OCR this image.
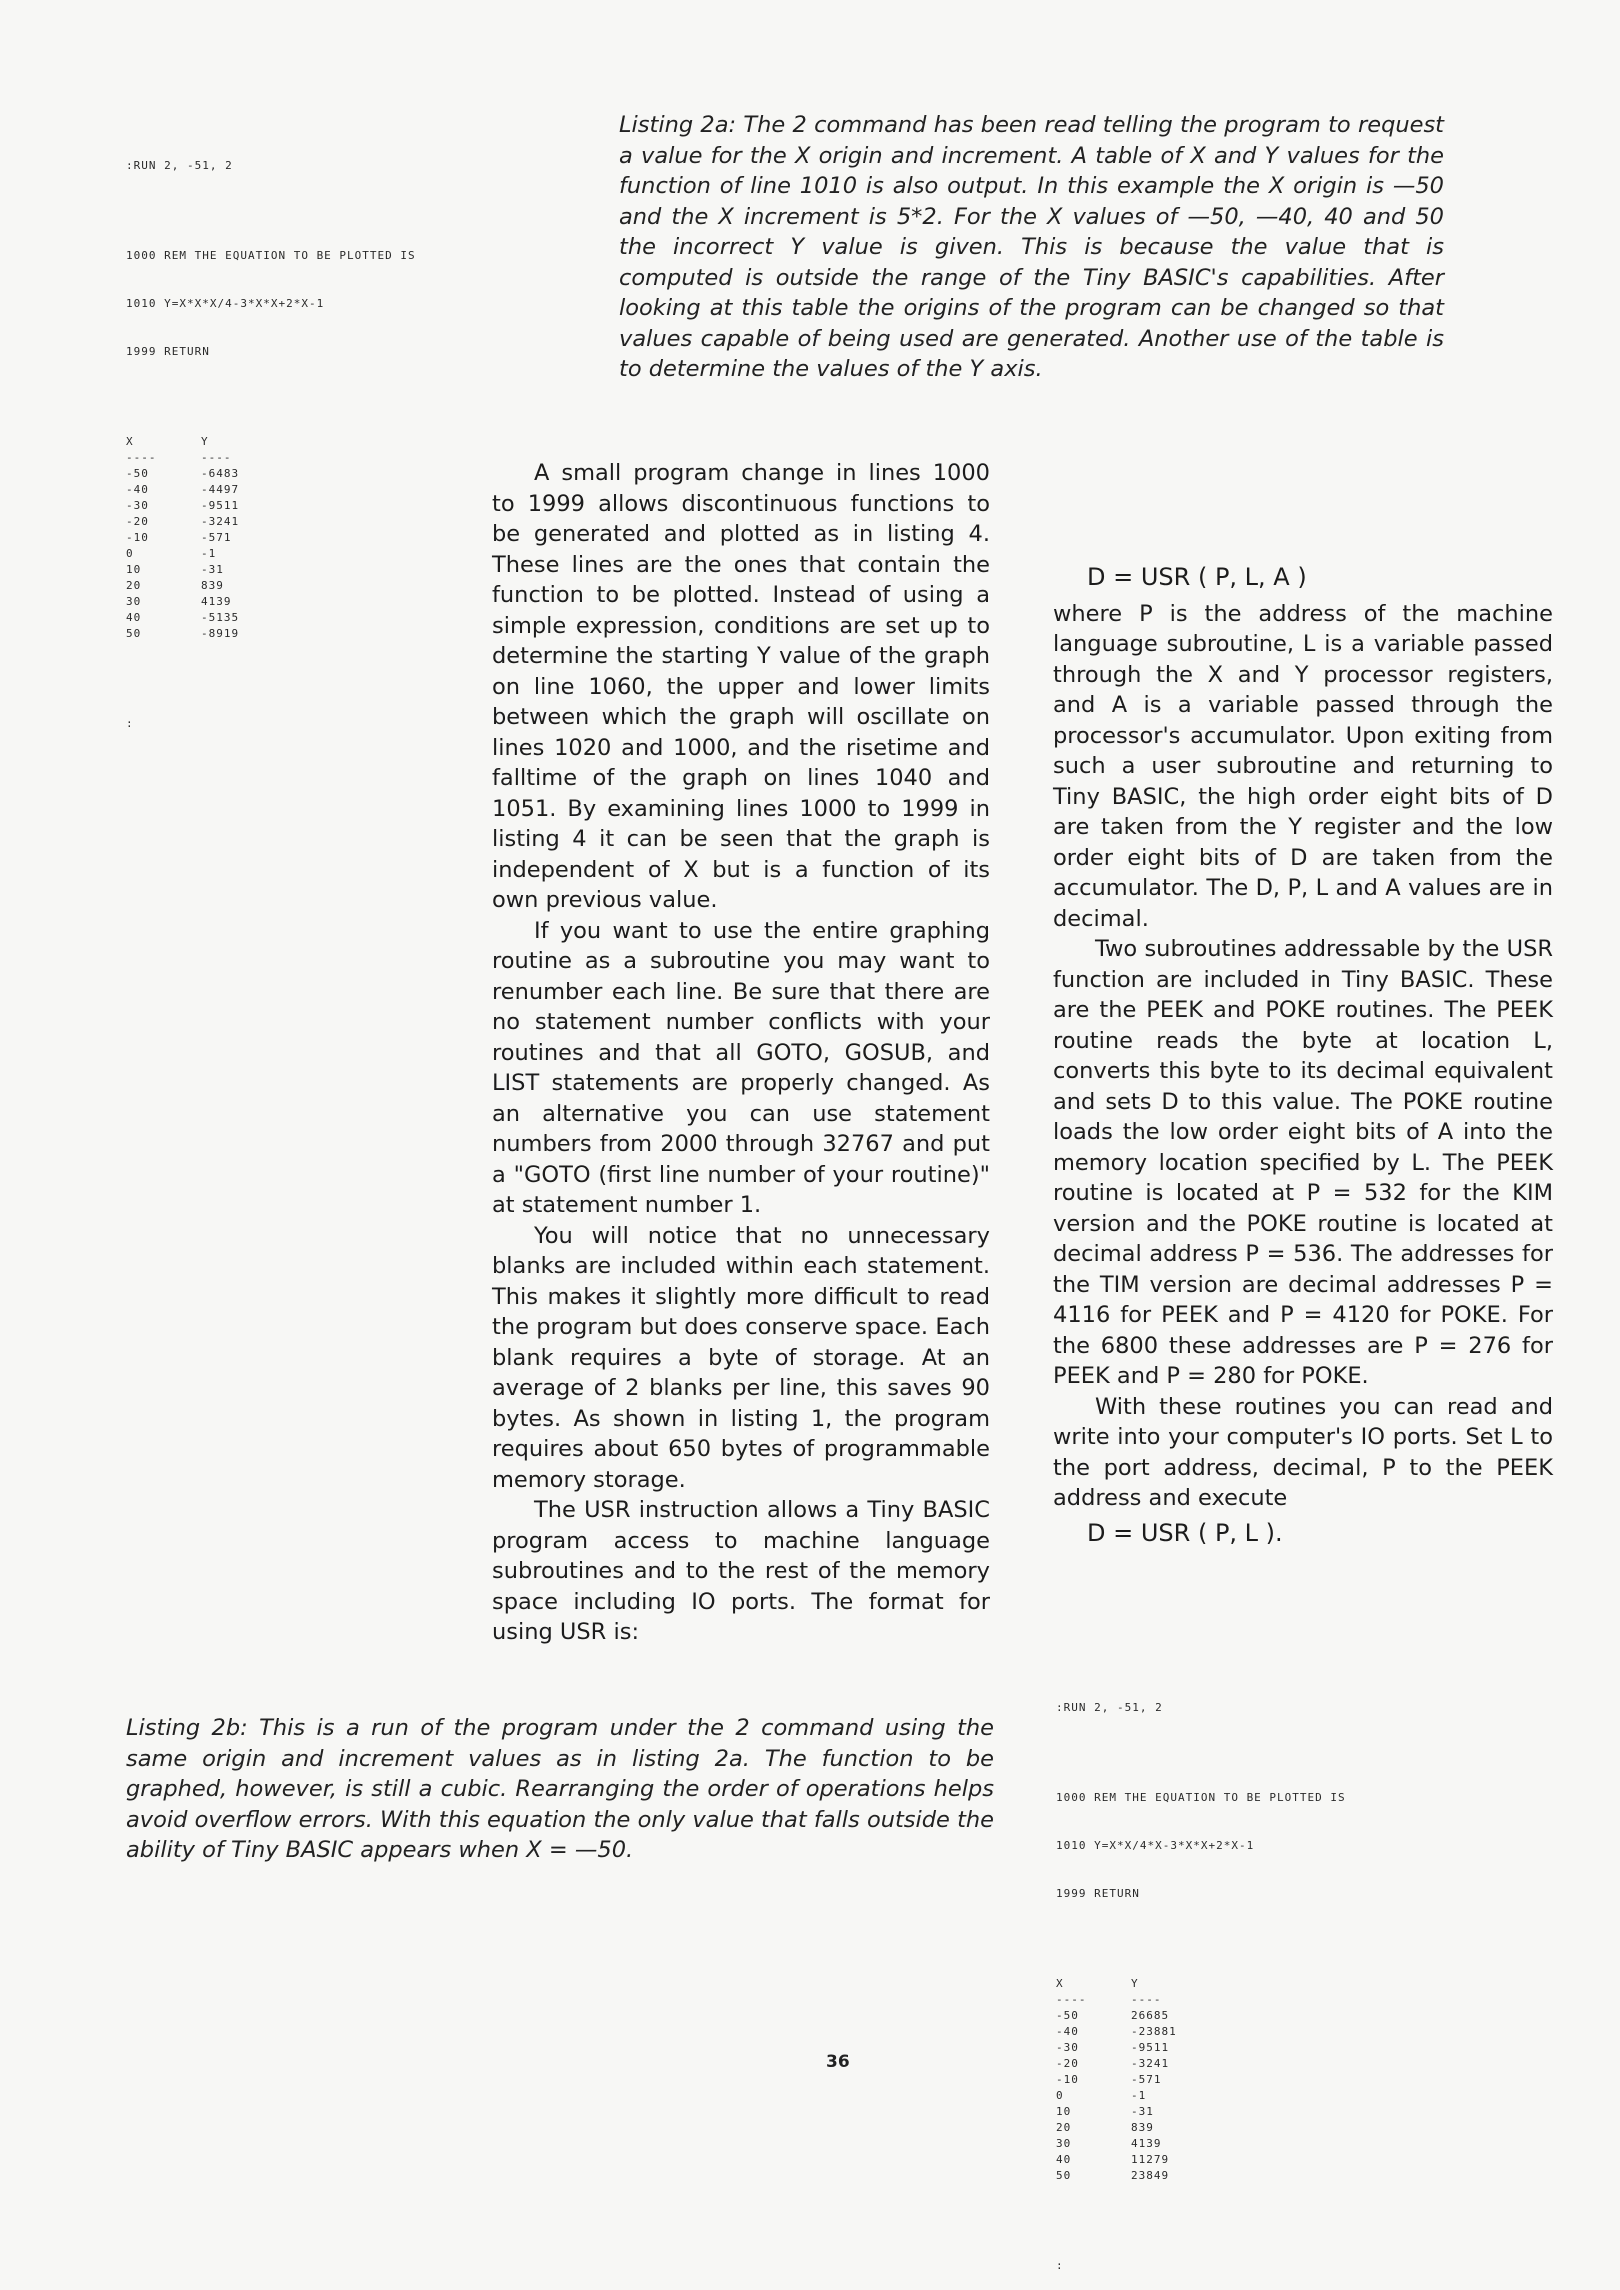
:RUN 2, -51, 2

1000 REM THE EQUATION TO BE PLOTTED IS

1010 Y=X*X*X/4-3*X*X+2*X-1

1999 RETURN

X	Y
----	----
-50	-6483
-40	-4497
-30	-9511
-20	-3241
-10	-571
0	-1
10	-31
20	839
30	4139
40	-5135
50	-8919

:

Listing 2a: The 2 command has been read telling the program to request a value for the X origin and increment. A table of X and Y values for the function of line 1010 is also output. In this example the X origin is —50 and the X increment is 5*2. For the X values of —50, —40, 40 and 50 the incorrect Y value is given. This is because the value that is computed is outside the range of the Tiny BASIC's capabilities. After looking at this table the origins of the program can be changed so that values capable of being used are generated. Another use of the table is to determine the values of the Y axis.

A small program change in lines 1000 to 1999 allows discontinuous functions to be generated and plotted as in listing 4. These lines are the ones that contain the function to be plotted. Instead of using a simple expression, conditions are set up to determine the starting Y value of the graph on line 1060, the upper and lower limits between which the graph will oscillate on lines 1020 and 1000, and the risetime and falltime of the graph on lines 1040 and 1051. By examining lines 1000 to 1999 in listing 4 it can be seen that the graph is independent of X but is a function of its own previous value.

If you want to use the entire graphing routine as a subroutine you may want to renumber each line. Be sure that there are no statement number conflicts with your routines and that all GOTO, GOSUB, and LIST statements are properly changed. As an alternative you can use statement numbers from 2000 through 32767 and put a "GOTO (first line number of your routine)" at statement number 1.

You will notice that no unnecessary blanks are included within each statement. This makes it slightly more difficult to read the program but does conserve space. Each blank requires a byte of storage. At an average of 2 blanks per line, this saves 90 bytes. As shown in listing 1, the program requires about 650 bytes of programmable memory storage.

The USR instruction allows a Tiny BASIC program access to machine language subroutines and to the rest of the memory space including IO ports. The format for using USR is:

D = USR ( P, L, A )

where P is the address of the machine language subroutine, L is a variable passed through the X and Y processor registers, and A is a variable passed through the processor's accumulator. Upon exiting from such a user subroutine and returning to Tiny BASIC, the high order eight bits of D are taken from the Y register and the low order eight bits of D are taken from the accumulator. The D, P, L and A values are in decimal.

Two subroutines addressable by the USR function are included in Tiny BASIC. These are the PEEK and POKE routines. The PEEK routine reads the byte at location L, converts this byte to its decimal equivalent and sets D to this value. The POKE routine loads the low order eight bits of A into the memory location specified by L. The PEEK routine is located at P = 532 for the KIM version and the POKE routine is located at decimal address P = 536. The addresses for the TIM version are decimal addresses P = 4116 for PEEK and P = 4120 for POKE. For the 6800 these addresses are P = 276 for PEEK and P = 280 for POKE.

With these routines you can read and write into your computer's IO ports. Set L to the port address, decimal, P to the PEEK address and execute

D = USR ( P, L ).
Listing 2b: This is a run of the program under the 2 command using the same origin and increment values as in listing 2a. The function to be graphed, however, is still a cubic. Rearranging the order of operations helps avoid overflow errors. With this equation the only value that falls outside the ability of Tiny BASIC appears when X = —50.

:RUN 2, -51, 2

1000 REM THE EQUATION TO BE PLOTTED IS

1010 Y=X*X/4*X-3*X*X+2*X-1

1999 RETURN

X	Y
----	----
-50	26685
-40	-23881
-30	-9511
-20	-3241
-10	-571
0	-1
10	-31
20	839
30	4139
40	11279
50	23849

:

36
